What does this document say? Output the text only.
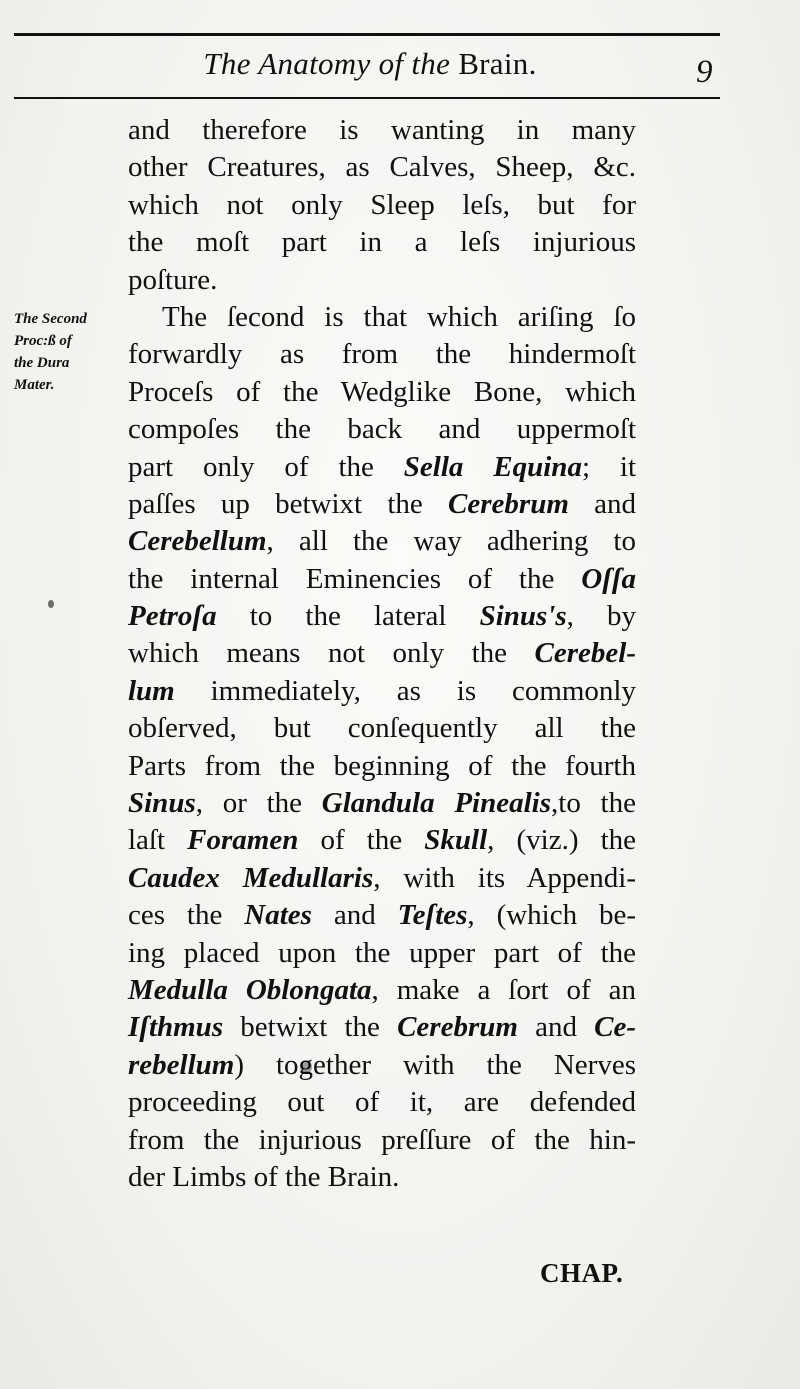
The Anatomy of the Brain.	9
The Second
Proc:ß of
the Dura
Mater.
and therefore is wanting in many
other Creatures, as Calves, Sheep, &c.
which not only Sleep leſs, but for
the moſt part in a leſs injurious
poſture.
The ſecond is that which ariſing ſo
forwardly as from the hindermoſt
Proceſs of the Wedglike Bone, which
compoſes the back and uppermoſt
part only of the Sella Equina; it
paſſes up betwixt the Cerebrum and
Cerebellum, all the way adhering to
the internal Eminencies of the Oſſa
Petroſa to the lateral Sinus's, by
which means not only the Cerebel-
lum immediately, as is commonly
obſerved, but conſequently all the
Parts from the beginning of the fourth
Sinus, or the Glandula Pinealis,to the
laſt Foramen of the Skull, (viz.) the
Caudex Medullaris, with its Appendi-
ces the Nates and Teſtes, (which be-
ing placed upon the upper part of the
Medulla Oblongata, make a ſort of an
Iſthmus betwixt the Cerebrum and Ce-
rebellum) together with the Nerves
proceeding out of it, are defended
from the injurious preſſure of the hin-
der Limbs of the Brain.
CHAP.
